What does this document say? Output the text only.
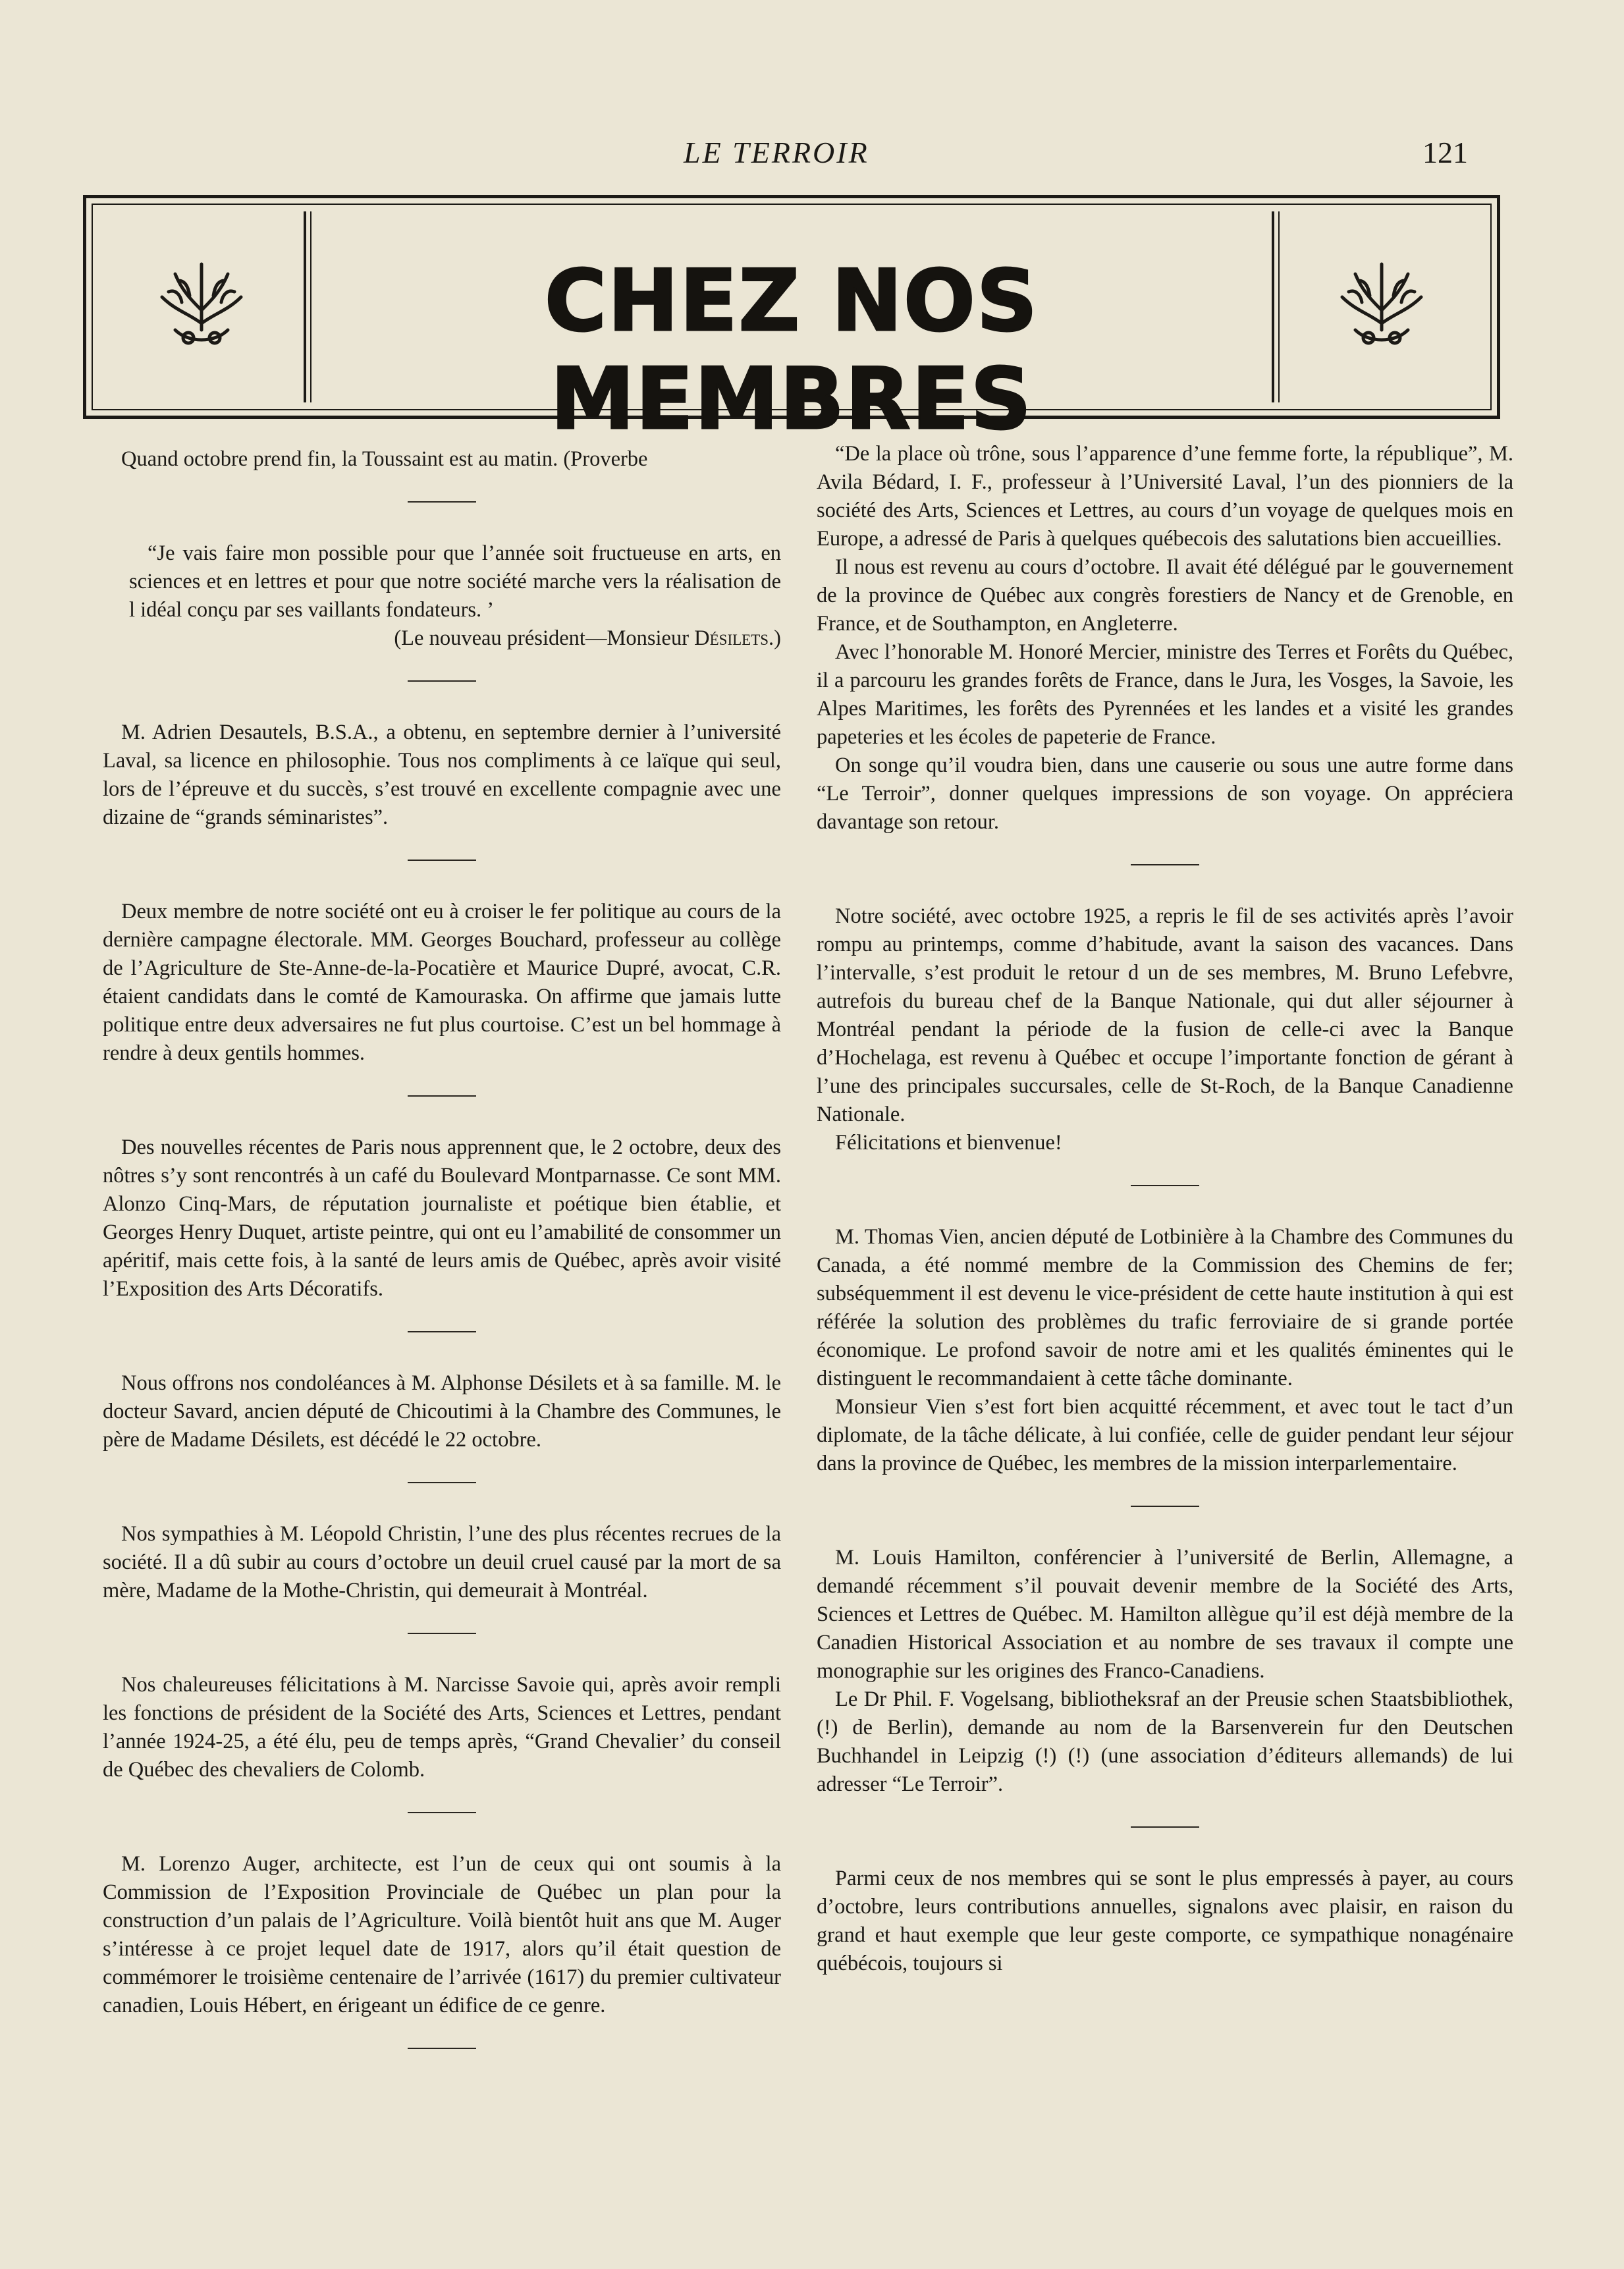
LE TERROIR	121
CHEZ NOS MEMBRES

Quand octobre prend fin, la Toussaint est au matin. (Proverbe

“Je vais faire mon possible pour que l’année soit fructueuse en arts, en sciences et en lettres et pour que notre société marche vers la réalisation de l idéal conçu par ses vaillants fondateurs. ’

(Le nouveau président—Monsieur Désilets.)

M. Adrien Desautels, B.S.A., a obtenu, en septembre dernier à l’université Laval, sa licence en philosophie. Tous nos compliments à ce laïque qui seul, lors de l’épreuve et du succès, s’est trouvé en excellente compagnie avec une dizaine de “grands séminaristes”.

Deux membre de notre société ont eu à croiser le fer politique au cours de la dernière campagne électorale. MM. Georges Bouchard, professeur au collège de l’Agriculture de Ste-Anne-de-la-Pocatière et Maurice Dupré, avocat, C.R. étaient candidats dans le comté de Kamouraska. On affirme que jamais lutte politique entre deux adversaires ne fut plus courtoise. C’est un bel hommage à rendre à deux gentils hommes.

Des nouvelles récentes de Paris nous apprennent que, le 2 octobre, deux des nôtres s’y sont rencontrés à un café du Boulevard Montparnasse. Ce sont MM. Alonzo Cinq-Mars, de réputation journaliste et poétique bien établie, et Georges Henry Duquet, artiste peintre, qui ont eu l’amabilité de consommer un apéritif, mais cette fois, à la santé de leurs amis de Québec, après avoir visité l’Exposition des Arts Décoratifs.

Nous offrons nos condoléances à M. Alphonse Désilets et à sa famille. M. le docteur Savard, ancien député de Chicoutimi à la Chambre des Communes, le père de Madame Désilets, est décédé le 22 octobre.

Nos sympathies à M. Léopold Christin, l’une des plus récentes recrues de la société. Il a dû subir au cours d’octobre un deuil cruel causé par la mort de sa mère, Madame de la Mothe-Christin, qui demeurait à Montréal.

Nos chaleureuses félicitations à M. Narcisse Savoie qui, après avoir rempli les fonctions de président de la Société des Arts, Sciences et Lettres, pendant l’année 1924-25, a été élu, peu de temps après, “Grand Chevalier’ du conseil de Québec des chevaliers de Colomb.

M. Lorenzo Auger, architecte, est l’un de ceux qui ont soumis à la Commission de l’Exposition Provinciale de Québec un plan pour la construction d’un palais de l’Agriculture. Voilà bientôt huit ans que M. Auger s’intéresse à ce projet lequel date de 1917, alors qu’il était question de commémorer le troisième centenaire de l’arrivée (1617) du premier cultivateur canadien, Louis Hébert, en érigeant un édifice de ce genre.

“De la place où trône, sous l’apparence d’une femme forte, la république”, M. Avila Bédard, I. F., professeur à l’Université Laval, l’un des pionniers de la société des Arts, Sciences et Lettres, au cours d’un voyage de quelques mois en Europe, a adressé de Paris à quelques québecois des salutations bien accueillies.

Il nous est revenu au cours d’octobre. Il avait été délégué par le gouvernement de la province de Québec aux congrès forestiers de Nancy et de Grenoble, en France, et de Southampton, en Angleterre.

Avec l’honorable M. Honoré Mercier, ministre des Terres et Forêts du Québec, il a parcouru les grandes forêts de France, dans le Jura, les Vosges, la Savoie, les Alpes Maritimes, les forêts des Pyrennées et les landes et a visité les grandes papeteries et les écoles de papeterie de France.

On songe qu’il voudra bien, dans une causerie ou sous une autre forme dans “Le Terroir”, donner quelques impressions de son voyage. On appréciera davantage son retour.

Notre société, avec octobre 1925, a repris le fil de ses activités après l’avoir rompu au printemps, comme d’habitude, avant la saison des vacances. Dans l’intervalle, s’est produit le retour d un de ses membres, M. Bruno Lefebvre, autrefois du bureau chef de la Banque Nationale, qui dut aller séjourner à Montréal pendant la période de la fusion de celle-ci avec la Banque d’Hochelaga, est revenu à Québec et occupe l’importante fonction de gérant à l’une des principales succursales, celle de St-Roch, de la Banque Canadienne Nationale.

Félicitations et bienvenue!

M. Thomas Vien, ancien député de Lotbinière à la Chambre des Communes du Canada, a été nommé membre de la Commission des Chemins de fer; subséquemment il est devenu le vice-président de cette haute institution à qui est référée la solution des problèmes du trafic ferroviaire de si grande portée économique. Le profond savoir de notre ami et les qualités éminentes qui le distinguent le recommandaient à cette tâche dominante.

Monsieur Vien s’est fort bien acquitté récemment, et avec tout le tact d’un diplomate, de la tâche délicate, à lui confiée, celle de guider pendant leur séjour dans la province de Québec, les membres de la mission interparlementaire.

M. Louis Hamilton, conférencier à l’université de Berlin, Allemagne, a demandé récemment s’il pouvait devenir membre de la Société des Arts, Sciences et Lettres de Québec. M. Hamilton allègue qu’il est déjà membre de la Canadien Historical Association et au nombre de ses travaux il compte une monographie sur les origines des Franco-Canadiens.

Le Dr Phil. F. Vogelsang, bibliotheksraf an der Preusie schen Staatsbibliothek, (!) de Berlin), demande au nom de la Barsenverein fur den Deutschen Buchhandel in Leipzig (!) (!) (une association d’éditeurs allemands) de lui adresser “Le Terroir”.

Parmi ceux de nos membres qui se sont le plus empressés à payer, au cours d’octobre, leurs contributions annuelles, signalons avec plaisir, en raison du grand et haut exemple que leur geste comporte, ce sympathique nonagénaire québécois, toujours si
